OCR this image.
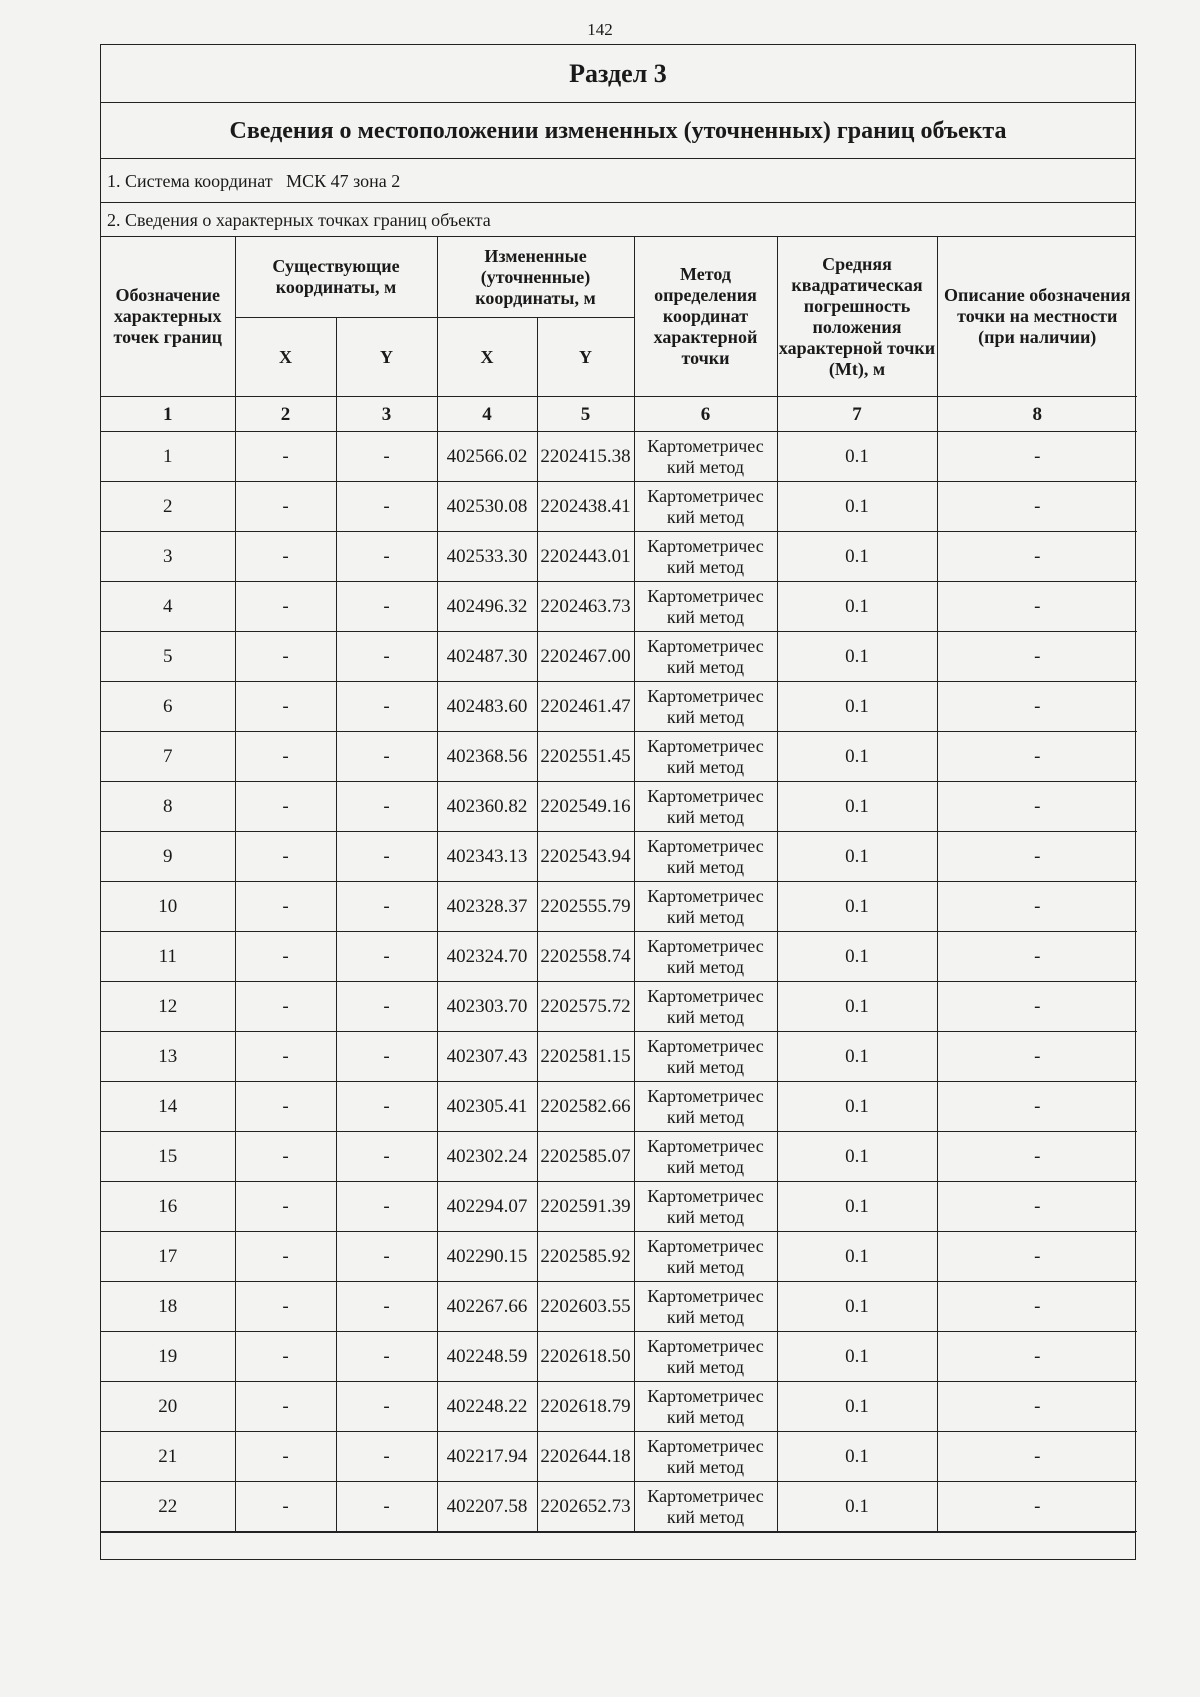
142
Раздел 3
Сведения о местоположении измененных (уточненных) границ объекта
1. Система координат   МСК 47 зона 2
2. Сведения о характерных точках границ объекта
Обозначение характерных точек границ	Существующие координаты, м		Измененные (уточненные) координаты, м		Метод определения координат характерной точки	Средняя квадратическая погрешность положения характерной точки (Mt), м	Описание обозначения точки на местности (при наличии)
	X	Y	X	Y			
1	2	3	4	5	6	7	8
1	-	-	402566.02	2202415.38	Картометричес кий метод	0.1	-
2	-	-	402530.08	2202438.41	Картометричес кий метод	0.1	-
3	-	-	402533.30	2202443.01	Картометричес кий метод	0.1	-
4	-	-	402496.32	2202463.73	Картометричес кий метод	0.1	-
5	-	-	402487.30	2202467.00	Картометричес кий метод	0.1	-
6	-	-	402483.60	2202461.47	Картометричес кий метод	0.1	-
7	-	-	402368.56	2202551.45	Картометричес кий метод	0.1	-
8	-	-	402360.82	2202549.16	Картометричес кий метод	0.1	-
9	-	-	402343.13	2202543.94	Картометричес кий метод	0.1	-
10	-	-	402328.37	2202555.79	Картометричес кий метод	0.1	-
11	-	-	402324.70	2202558.74	Картометричес кий метод	0.1	-
12	-	-	402303.70	2202575.72	Картометричес кий метод	0.1	-
13	-	-	402307.43	2202581.15	Картометричес кий метод	0.1	-
14	-	-	402305.41	2202582.66	Картометричес кий метод	0.1	-
15	-	-	402302.24	2202585.07	Картометричес кий метод	0.1	-
16	-	-	402294.07	2202591.39	Картометричес кий метод	0.1	-
17	-	-	402290.15	2202585.92	Картометричес кий метод	0.1	-
18	-	-	402267.66	2202603.55	Картометричес кий метод	0.1	-
19	-	-	402248.59	2202618.50	Картометричес кий метод	0.1	-
20	-	-	402248.22	2202618.79	Картометричес кий метод	0.1	-
21	-	-	402217.94	2202644.18	Картометричес кий метод	0.1	-
22	-	-	402207.58	2202652.73	Картометричес кий метод	0.1	-
